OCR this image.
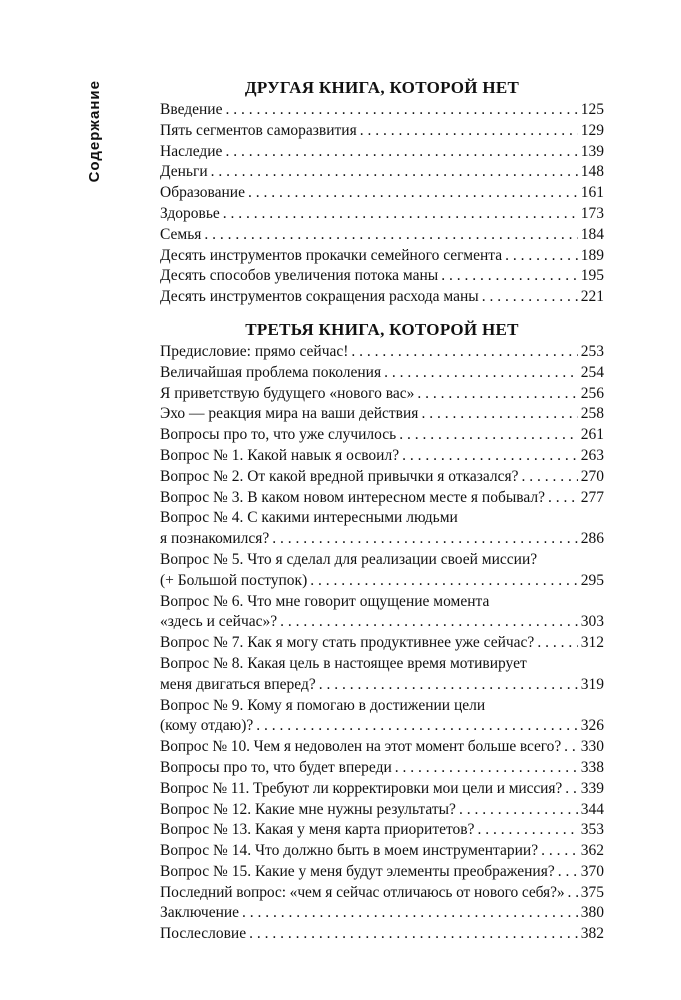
Содержание	ДРУГАЯ КНИГА, КОТОРОЙ НЕТ
Введение . . .	125
Пять сегментов саморазвития . . .	129
Наследие . . .	139
Деньги . . .	148
Образование . . .	161
Здоровье . . .	173
Семья . . .	184
Десять инструментов прокачки семейного сегмента . . .	189
Десять способов увеличения потока маны . . .	195
Десять инструментов сокращения расхода маны . . .	221
ТРЕТЬЯ КНИГА, КОТОРОЙ НЕТ
Предисловие: прямо сейчас! . . .	253
Величайшая проблема поколения . . .	254
Я приветствую будущего «нового вас» . . .	256
Эхо — реакция мира на ваши действия . . .	258
Вопросы про то, что уже случилось . . .	261
Вопрос № 1. Какой навык я освоил? . . .	263
Вопрос № 2. От какой вредной привычки я отказался? . . .	270
Вопрос № 3. В каком новом интересном месте я побывал? . . . 277
Вопрос № 4. С какими интересными людьми
я познакомился? . . .	286
Вопрос № 5. Что я сделал для реализации своей миссии?
(+ Большой поступок) . . .	295
Вопрос № 6. Что мне говорит ощущение момента
«здесь и сейчас»? . . .	303
Вопрос № 7. Как я могу стать продуктивнее уже сейчас? . . .	312
Вопрос № 8. Какая цель в настоящее время мотивирует
меня двигаться вперед? . . .	319
Вопрос № 9. Кому я помогаю в достижении цели
(кому отдаю)? . . .	326
Вопрос № 10. Чем я недоволен на этот момент больше всего? . . . 330
Вопросы про то, что будет впереди . . .	338
Вопрос № 11. Требуют ли корректировки мои цели и миссия? . . . 339
Вопрос № 12. Какие мне нужны результаты? . . .	344
Вопрос № 13. Какая у меня карта приоритетов? . . .	353
Вопрос № 14. Что должно быть в моем инструментарии? . . .	362
Вопрос № 15. Какие у меня будут элементы преображения? . . . 370
Последний вопрос: «чем я сейчас отличаюсь от нового себя?» . . . 375
Заключение . . .	380
Послесловие . . .	382
